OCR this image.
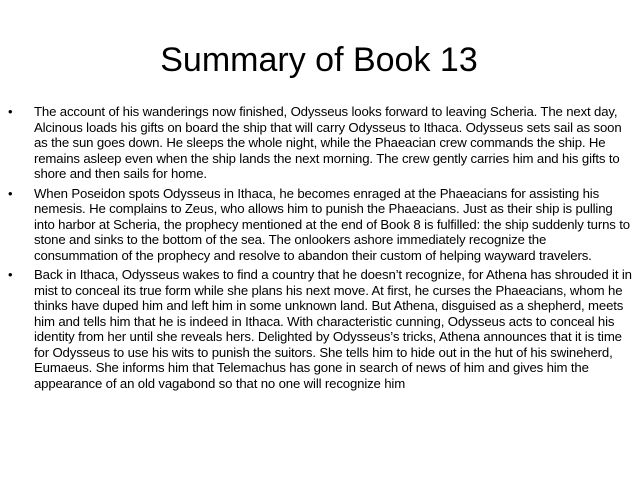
Summary of Book 13
•	The account of his wanderings now finished, Odysseus looks forward to leaving Scheria. The next day, Alcinous loads his gifts on board the ship that will carry Odysseus to Ithaca. Odysseus sets sail as soon as the sun goes down. He sleeps the whole night, while the Phaeacian crew commands the ship. He remains asleep even when the ship lands the next morning. The crew gently carries him and his gifts to shore and then sails for home.
•	When Poseidon spots Odysseus in Ithaca, he becomes enraged at the Phaeacians for assisting his nemesis. He complains to Zeus, who allows him to punish the Phaeacians. Just as their ship is pulling into harbor at Scheria, the prophecy mentioned at the end of Book 8 is fulfilled: the ship suddenly turns to stone and sinks to the bottom of the sea. The onlookers ashore immediately recognize the consummation of the prophecy and resolve to abandon their custom of helping wayward travelers.
•	Back in Ithaca, Odysseus wakes to find a country that he doesn’t recognize, for Athena has shrouded it in mist to conceal its true form while she plans his next move. At first, he curses the Phaeacians, whom he thinks have duped him and left him in some unknown land. But Athena, disguised as a shepherd, meets him and tells him that he is indeed in Ithaca. With characteristic cunning, Odysseus acts to conceal his identity from her until she reveals hers. Delighted by Odysseus’s tricks, Athena announces that it is time for Odysseus to use his wits to punish the suitors. She tells him to hide out in the hut of his swineherd, Eumaeus. She informs him that Telemachus has gone in search of news of him and gives him the appearance of an old vagabond so that no one will recognize him
